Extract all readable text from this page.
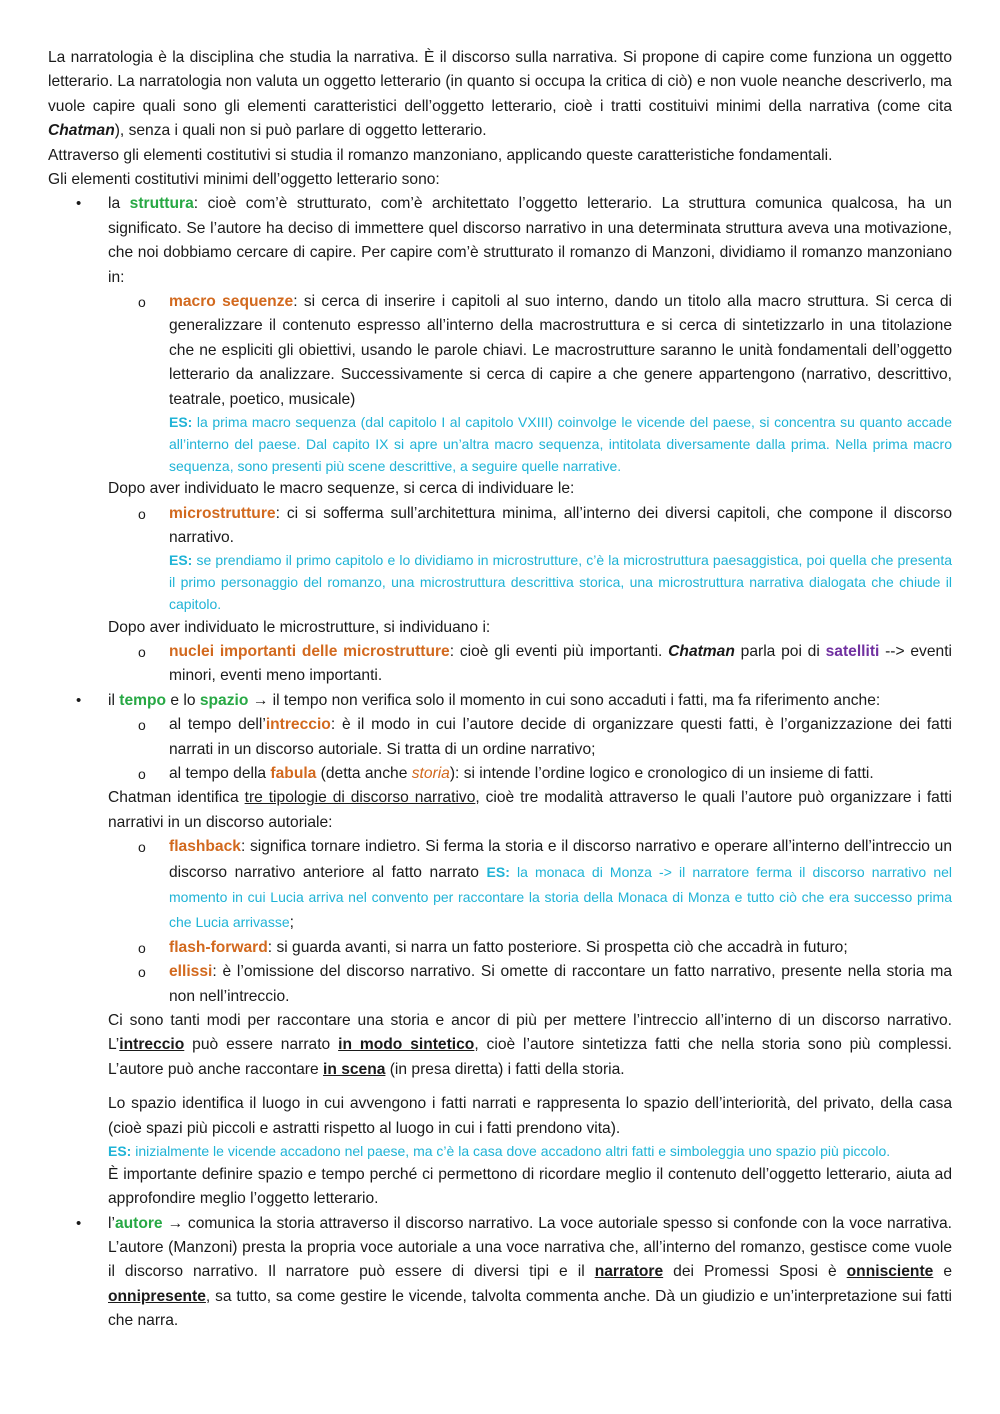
La narratologia è la disciplina che studia la narrativa. È il discorso sulla narrativa. Si propone di capire come funziona un oggetto letterario. La narratologia non valuta un oggetto letterario (in quanto si occupa la critica di ciò) e non vuole neanche descriverlo, ma vuole capire quali sono gli elementi caratteristici dell’oggetto letterario, cioè i tratti costituivi minimi della narrativa (come cita Chatman), senza i quali non si può parlare di oggetto letterario.

Attraverso gli elementi costitutivi si studia il romanzo manzoniano, applicando queste caratteristiche fondamentali.

Gli elementi costitutivi minimi dell’oggetto letterario sono:

• la struttura: cioè com’è strutturato, com’è architettato l’oggetto letterario. La struttura comunica qualcosa, ha un significato. Se l’autore ha deciso di immettere quel discorso narrativo in una determinata struttura aveva una motivazione, che noi dobbiamo cercare di capire. Per capire com’è strutturato il romanzo di Manzoni, dividiamo il romanzo manzoniano in:

o macro sequenze: si cerca di inserire i capitoli al suo interno, dando un titolo alla macro struttura. Si cerca di generalizzare il contenuto espresso all’interno della macrostruttura e si cerca di sintetizzarlo in una titolazione che ne espliciti gli obiettivi, usando le parole chiavi. Le macrostrutture saranno le unità fondamentali dell’oggetto letterario da analizzare. Successivamente si cerca di capire a che genere appartengono (narrativo, descrittivo, teatrale, poetico, musicale)

ES: la prima macro sequenza (dal capitolo I al capitolo VXIII) coinvolge le vicende del paese, si concentra su quanto accade all’interno del paese. Dal capito IX si apre un’altra macro sequenza, intitolata diversamente dalla prima. Nella prima macro sequenza, sono presenti più scene descrittive, a seguire quelle narrative.

Dopo aver individuato le macro sequenze, si cerca di individuare le:

o microstrutture: ci si sofferma sull’architettura minima, all’interno dei diversi capitoli, che compone il discorso narrativo.

ES: se prendiamo il primo capitolo e lo dividiamo in microstrutture, c’è la microstruttura paesaggistica, poi quella che presenta il primo personaggio del romanzo, una microstruttura descrittiva storica, una microstruttura narrativa dialogata che chiude il capitolo.

Dopo aver individuato le microstrutture, si individuano i:

o nuclei importanti delle microstrutture: cioè gli eventi più importanti. Chatman parla poi di satelliti --> eventi minori, eventi meno importanti.

• il tempo e lo spazio → il tempo non verifica solo il momento in cui sono accaduti i fatti, ma fa riferimento anche:

o al tempo dell’intreccio: è il modo in cui l’autore decide di organizzare questi fatti, è l’organizzazione dei fatti narrati in un discorso autoriale. Si tratta di un ordine narrativo;

o al tempo della fabula (detta anche storia): si intende l’ordine logico e cronologico di un insieme di fatti.

Chatman identifica tre tipologie di discorso narrativo, cioè tre modalità attraverso le quali l’autore può organizzare i fatti narrativi in un discorso autoriale:

o flashback: significa tornare indietro. Si ferma la storia e il discorso narrativo e operare all’interno dell’intreccio un discorso narrativo anteriore al fatto narrato ES: la monaca di Monza -> il narratore ferma il discorso narrativo nel momento in cui Lucia arriva nel convento per raccontare la storia della Monaca di Monza e tutto ciò che era successo prima che Lucia arrivasse;

o flash-forward: si guarda avanti, si narra un fatto posteriore. Si prospetta ciò che accadrà in futuro;

o ellissi: è l’omissione del discorso narrativo. Si omette di raccontare un fatto narrativo, presente nella storia ma non nell’intreccio.

Ci sono tanti modi per raccontare una storia e ancor di più per mettere l’intreccio all’interno di un discorso narrativo. L’intreccio può essere narrato in modo sintetico, cioè l’autore sintetizza fatti che nella storia sono più complessi. L’autore può anche raccontare in scena (in presa diretta) i fatti della storia.

Lo spazio identifica il luogo in cui avvengono i fatti narrati e rappresenta lo spazio dell’interiorità, del privato, della casa (cioè spazi più piccoli e astratti rispetto al luogo in cui i fatti prendono vita).

ES: inizialmente le vicende accadono nel paese, ma c’è la casa dove accadono altri fatti e simboleggia uno spazio più piccolo.

È importante definire spazio e tempo perché ci permettono di ricordare meglio il contenuto dell’oggetto letterario, aiuta ad approfondire meglio l’oggetto letterario.

• l’autore → comunica la storia attraverso il discorso narrativo. La voce autoriale spesso si confonde con la voce narrativa. L’autore (Manzoni) presta la propria voce autoriale a una voce narrativa che, all’interno del romanzo, gestisce come vuole il discorso narrativo. Il narratore può essere di diversi tipi e il narratore dei Promessi Sposi è onnisciente e onnipresente, sa tutto, sa come gestire le vicende, talvolta commenta anche. Dà un giudizio e un’interpretazione sui fatti che narra.
